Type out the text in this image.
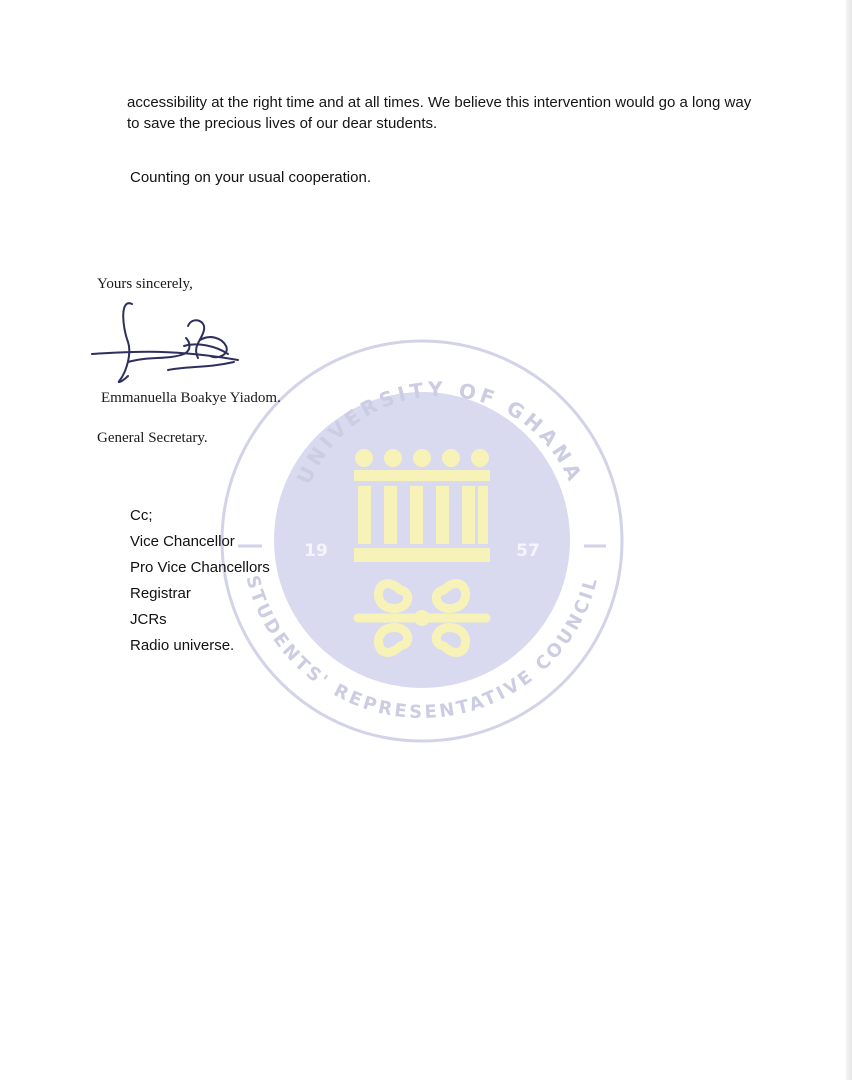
accessibility at the right time and at all times. We believe this intervention would go a long way to save the precious lives of our dear students.
Counting on your usual cooperation.
UNIVERSITY OF GHANA
STUDENTS' REPRESENTATIVE COUNCIL
19	57
Yours sincerely,
Emmanuella Boakye Yiadom.
General Secretary.
Cc;
Vice Chancellor
Pro Vice Chancellors
Registrar
JCRs
Radio universe.
